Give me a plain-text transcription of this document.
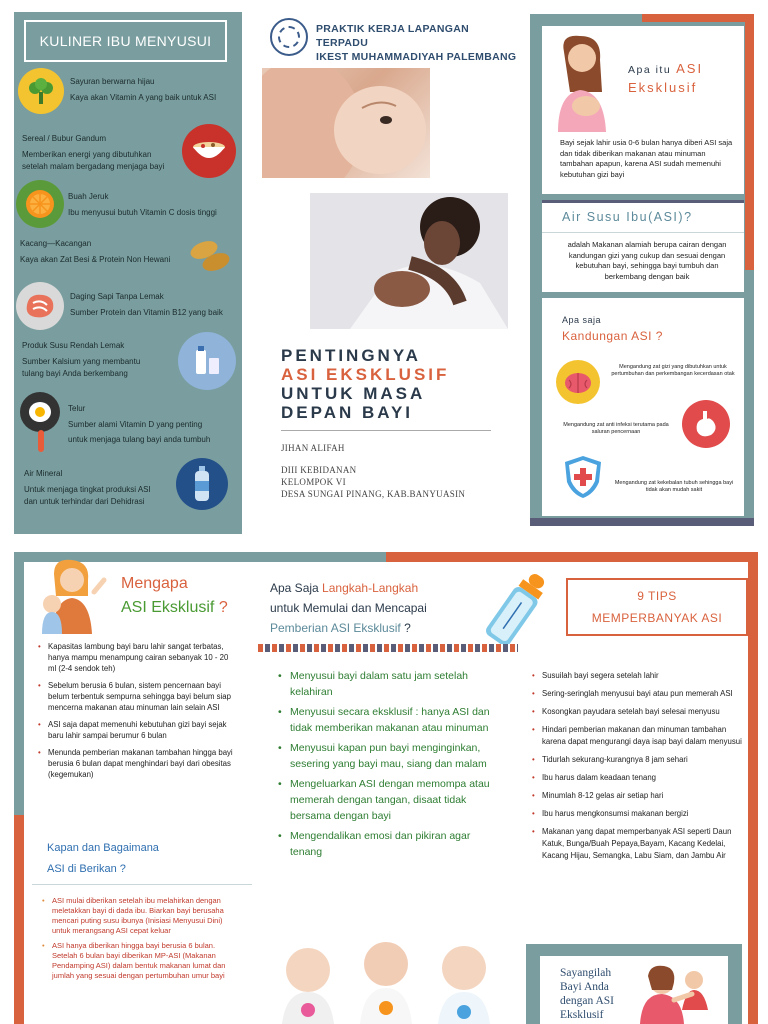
KULINER IBU MENYUSUI
Sayuran berwarna hijau
Kaya akan Vitamin A yang baik untuk ASI
Sereal / Bubur Gandum
Memberikan energi yang dibutuhkan
setelah malam bergadang menjaga bayi
Buah Jeruk
Ibu menyusui butuh Vitamin C dosis tinggi
Kacang—Kacangan
Kaya akan Zat Besi & Protein Non Hewani
Daging Sapi Tanpa Lemak
Sumber Protein dan Vitamin B12 yang baik
Produk Susu Rendah Lemak
Sumber Kalsium yang membantu
tulang bayi Anda berkembang
Telur
Sumber alami Vitamin D yang penting
untuk menjaga tulang bayi anda tumbuh
Air Mineral
Untuk menjaga tingkat produksi ASI
dan untuk terhindar dari Dehidrasi
PRAKTIK KERJA LAPANGAN TERPADU
IKEST MUHAMMADIYAH PALEMBANG
PENTINGNYA
ASI EKSKLUSIF
UNTUK MASA
DEPAN BAYI
JIHAN ALIFAH
DIII KEBIDANAN
KELOMPOK VI
DESA SUNGAI PINANG, KAB.BANYUASIN
Apa itu ASI
Eksklusif
Bayi sejak lahir usia 0-6 bulan hanya diberi ASI saja dan tidak diberikan makanan atau minuman tambahan apapun, karena ASI sudah memenuhi kebutuhan gizi bayi
Air Susu Ibu(ASI)?
adalah Makanan alamiah berupa cairan dengan kandungan gizi yang cukup dan sesuai dengan kebutuhan bayi, sehingga bayi tumbuh dan berkembang dengan baik
Apa saja
Kandungan ASI ?
Mengandung zat gizi yang dibutuhkan untuk pertumbuhan dan perkembangan kecerdasan otak
Mengandung zat anti infeksi terutama pada saluran pencernaan
Mengandung zat kekebalan tubuh sehingga bayi tidak akan mudah sakit
Mengapa
ASI Eksklusif ?
• Kapasitas lambung bayi baru lahir sangat terbatas, hanya mampu menampung cairan sebanyak 10 - 20 ml (2-4 sendok teh)
• Sebelum berusia 6 bulan, sistem pencernaan bayi belum terbentuk sempurna sehingga bayi belum siap mencerna makanan atau minuman lain selain ASI
• ASI saja dapat memenuhi kebutuhan gizi bayi sejak baru lahir sampai berumur 6 bulan
• Menunda pemberian makanan tambahan hingga bayi berusia 6 bulan dapat menghindari bayi dari obesitas (kegemukan)
Kapan dan Bagaimana
ASI di Berikan ?
• ASI mulai diberikan setelah ibu melahirkan dengan meletakkan bayi di dada ibu. Biarkan bayi berusaha mencari puting susu ibunya (Inisiasi Menyusui Dini) untuk merangsang ASI cepat keluar
• ASI hanya diberikan hingga bayi berusia 6 bulan. Setelah 6 bulan bayi diberikan MP-ASI (Makanan Pendamping ASI) dalam bentuk makanan lumat dan jumlah yang sesuai dengan pertumbuhan umur bayi
Apa Saja Langkah-Langkah
untuk Memulai dan Mencapai
Pemberian ASI Eksklusif ?
• Menyusui bayi dalam satu jam setelah kelahiran
• Menyusui secara eksklusif : hanya ASI dan tidak memberikan makanan atau minuman
• Menyusui kapan pun bayi menginginkan, sesering yang bayi mau, siang dan malam
• Mengeluarkan ASI dengan memompa atau memerah dengan tangan, disaat tidak bersama dengan bayi
• Mengendalikan emosi dan pikiran agar tenang
9 TIPS
MEMPERBANYAK ASI
• Susuilah bayi segera setelah lahir
• Sering-seringlah menyusui bayi atau pun memerah ASI
• Kosongkan payudara setelah bayi selesai menyusu
• Hindari pemberian makanan dan minuman tambahan karena dapat mengurangi daya isap bayi dalam menyusui
• Tidurlah sekurang-kurangnya 8 jam sehari
• Ibu harus dalam keadaan tenang
• Minumlah 8-12 gelas air setiap hari
• Ibu harus mengkonsumsi makanan bergizi
• Makanan yang dapat memperbanyak ASI seperti Daun Katuk, Bunga/Buah Pepaya,Bayam, Kacang Kedelai, Kacang Hijau, Semangka, Labu Siam, dan Jambu Air
Sayangilah
Bayi Anda
dengan ASI
Eksklusif
